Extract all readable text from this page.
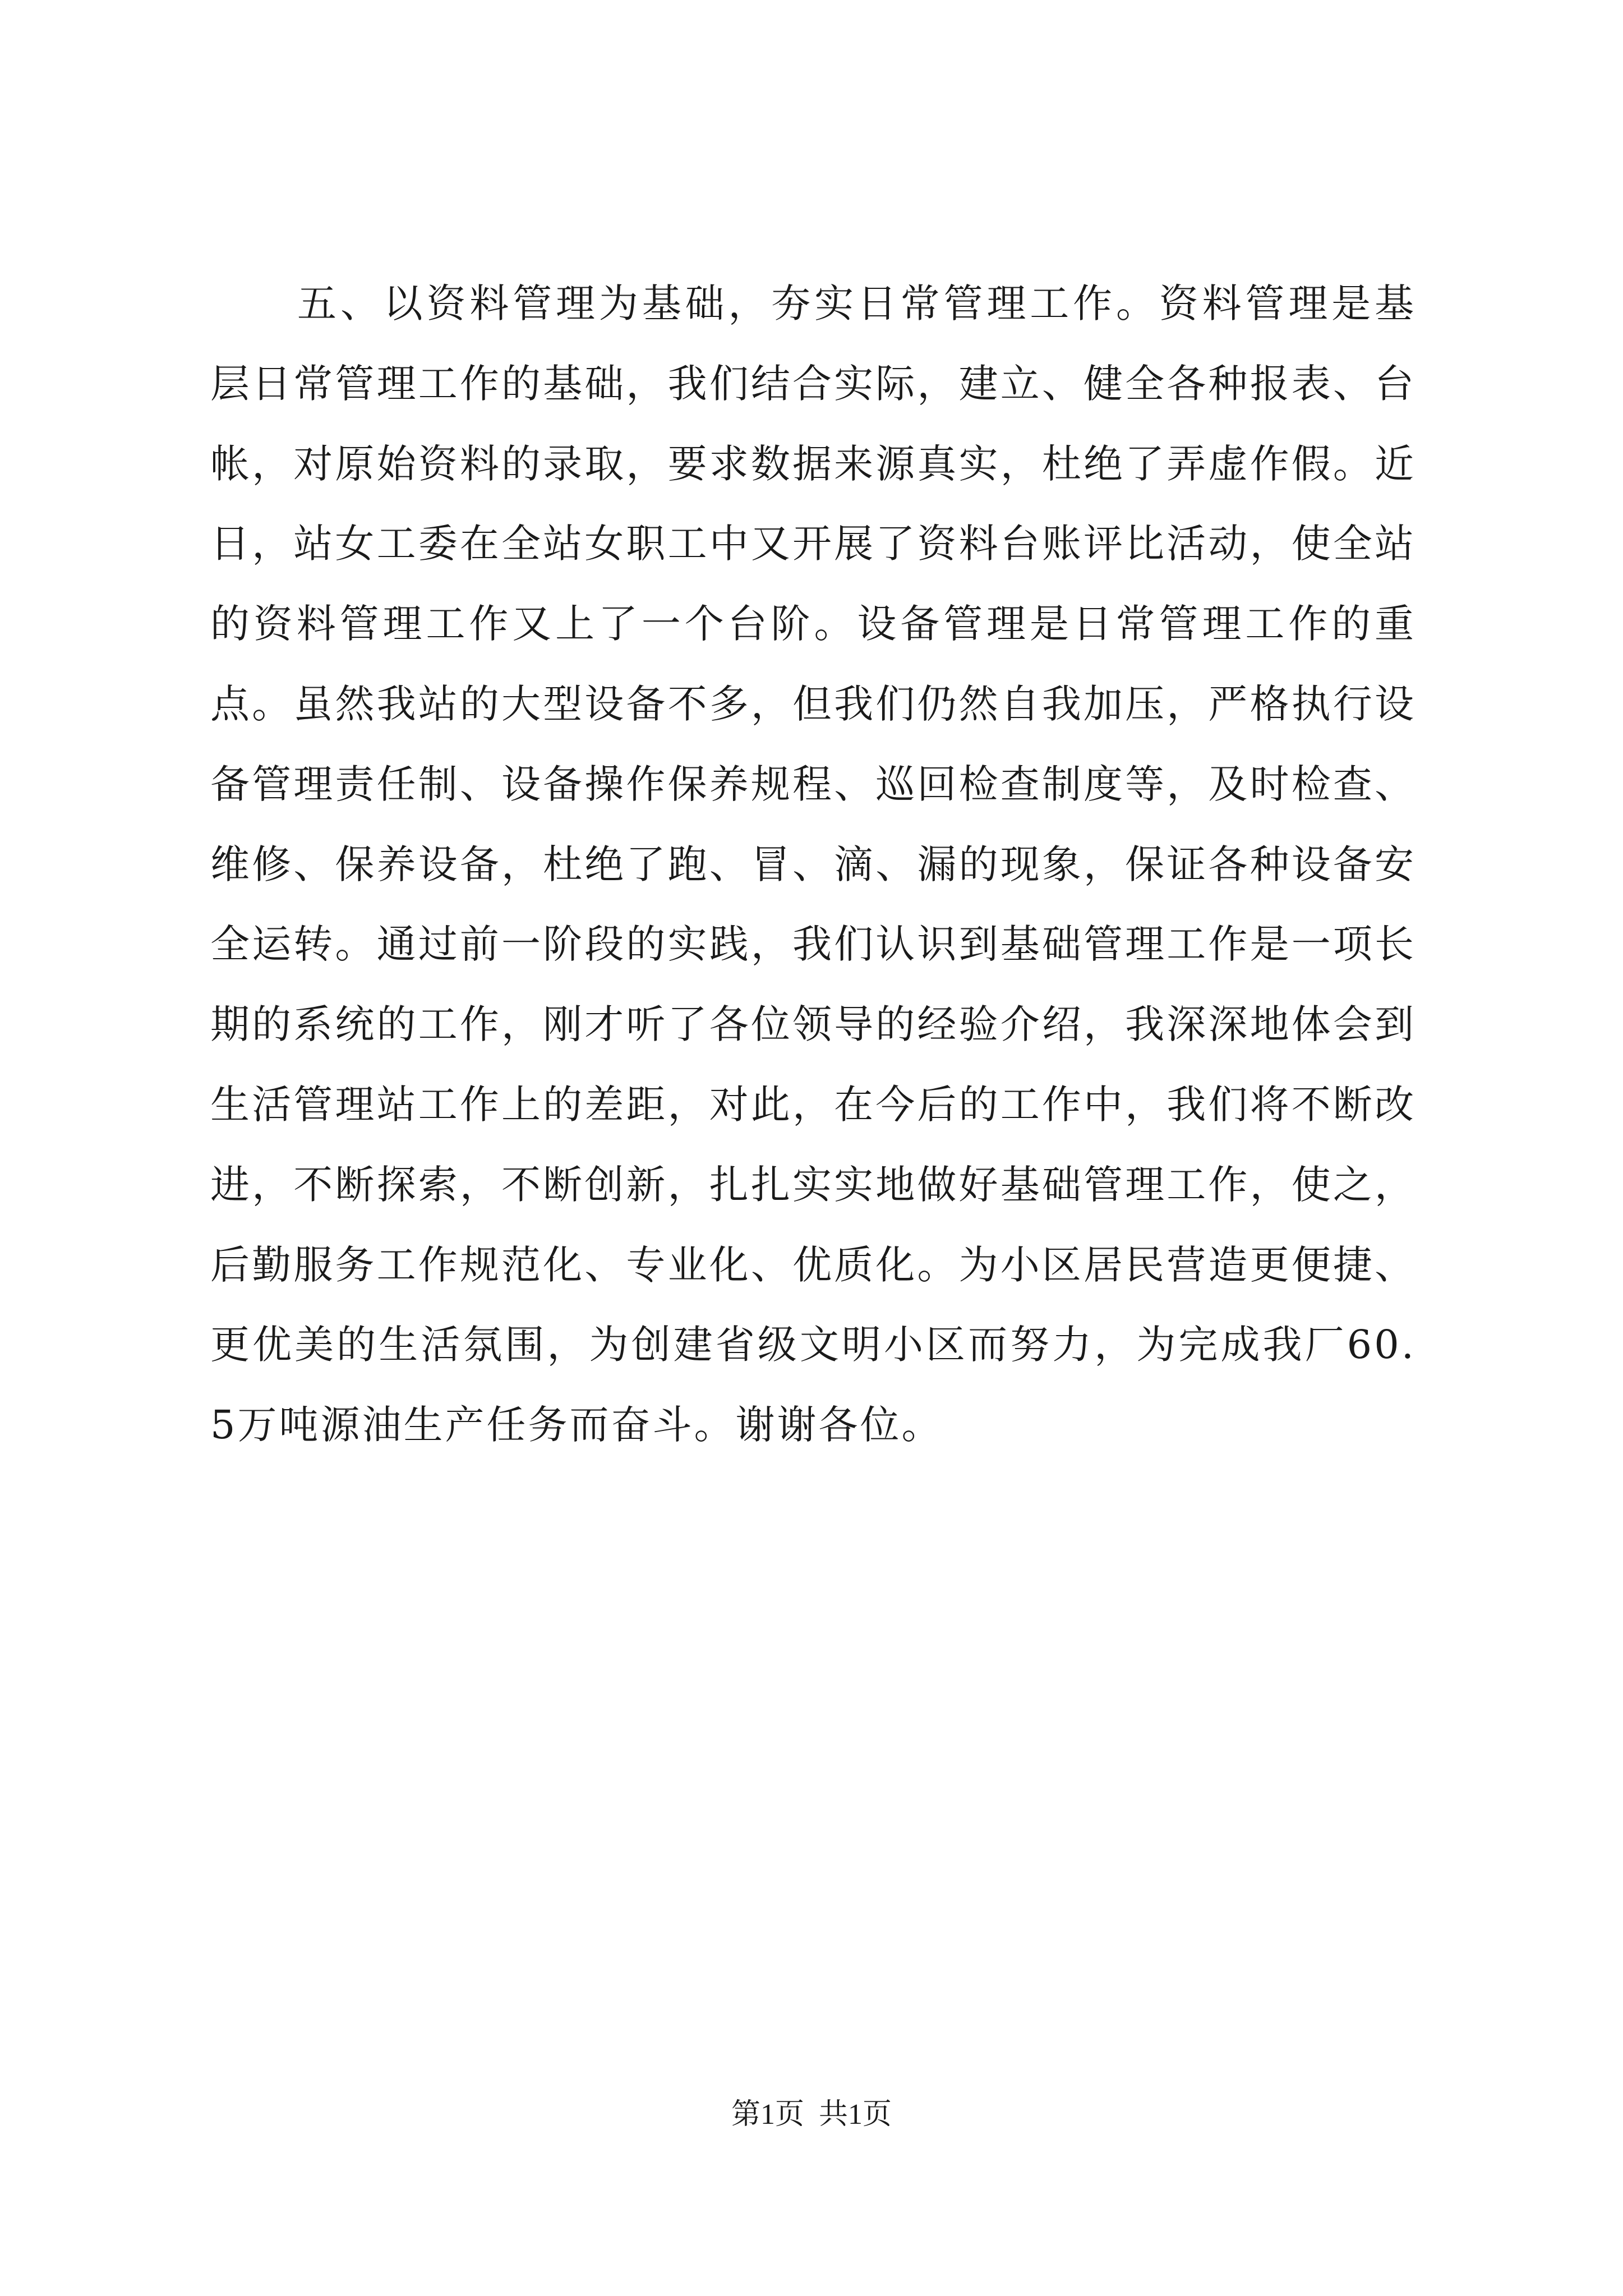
五、以资料管理为基础，夯实日常管理工作。资料管理是基层日常管理工作的基础，我们结合实际，建立、健全各种报表、台帐，对原始资料的录取，要求数据来源真实，杜绝了弄虚作假。近日，站女工委在全站女职工中又开展了资料台账评比活动，使全站的资料管理工作又上了一个台阶。设备管理是日常管理工作的重点。虽然我站的大型设备不多，但我们仍然自我加压，严格执行设备管理责任制、设备操作保养规程、巡回检查制度等，及时检查、维修、保养设备，杜绝了跑、冒、滴、漏的现象，保证各种设备安全运转。通过前一阶段的实践，我们认识到基础管理工作是一项长期的系统的工作，刚才听了各位领导的经验介绍，我深深地体会到生活管理站工作上的差距，对此，在今后的工作中，我们将不断改进，不断探索，不断创新，扎扎实实地做好基础管理工作，使之，后勤服务工作规范化、专业化、优质化。为小区居民营造更便捷、更优美的生活氛围，为创建省级文明小区而努力，为完成我厂60.5万吨源油生产任务而奋斗。谢谢各位。

第1页 共1页
